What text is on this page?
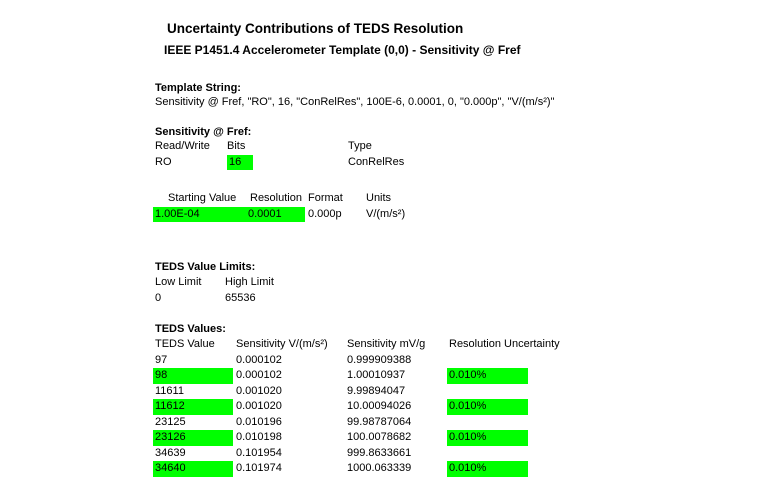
Uncertainty Contributions of TEDS Resolution
IEEE P1451.4 Accelerometer Template (0,0) - Sensitivity @ Fref
Template String:
Sensitivity @ Fref, "RO", 16, "ConRelRes", 100E-6, 0.0001, 0, "0.000p", "V/(m/s²)"
Sensitivity @ Fref:
Read/Write Bits	Type
RO	16	ConRelRes
Starting Value Resolution Format Units
1.00E-04	0.0001 0.000p V/(m/s²)
TEDS Value Limits:
Low Limit High Limit
0	65536
TEDS Values:
TEDS Value	Sensitivity V/(m/s²) Sensitivity mV/g Resolution Uncertainty
97	0.000102	0.999909388
98	0.000102	1.00010937	0.010%
11611	0.001020	9.99894047
11612	0.001020	10.00094026	0.010%
23125	0.010196	99.98787064
23126	0.010198	100.0078682	0.010%
34639	0.101954	999.8633661
34640	0.101974	1000.063339	0.010%
